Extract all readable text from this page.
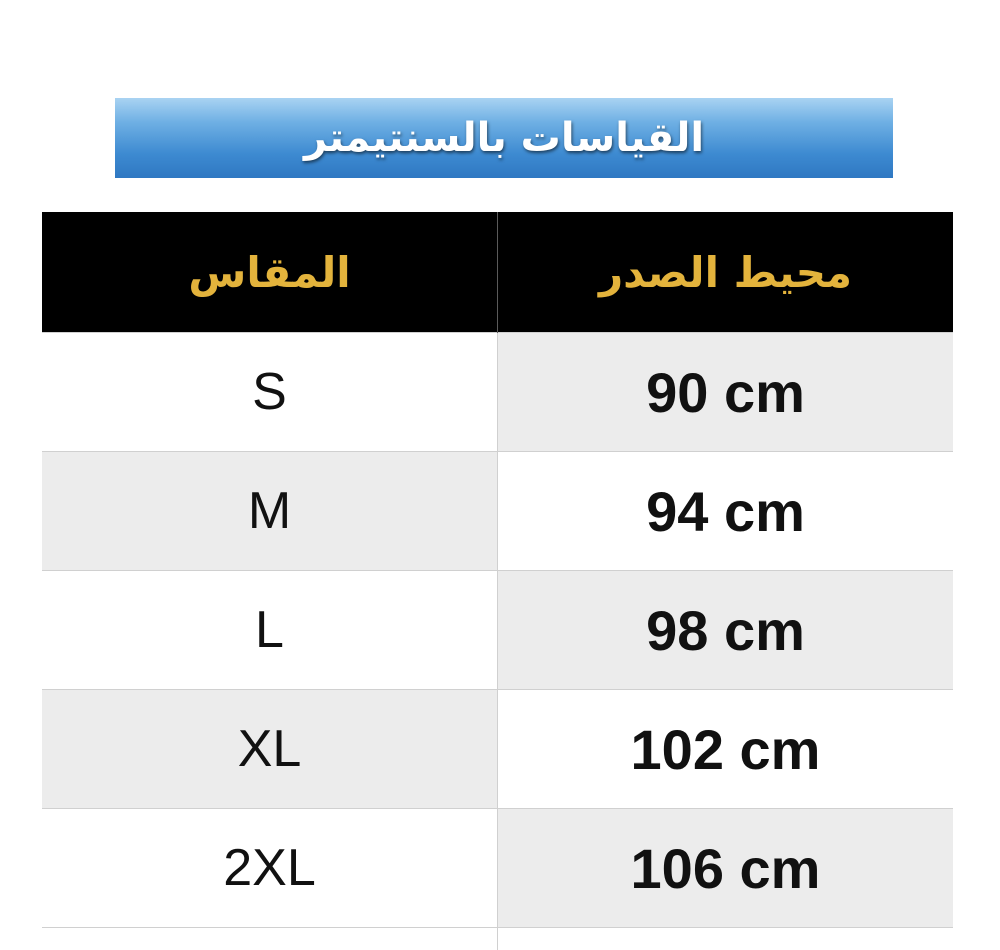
القياسات بالسنتيمتر
المقاس	محيط الصدر
S	90 cm
M	94 cm
L	98 cm
XL	102 cm
2XL	106 cm
